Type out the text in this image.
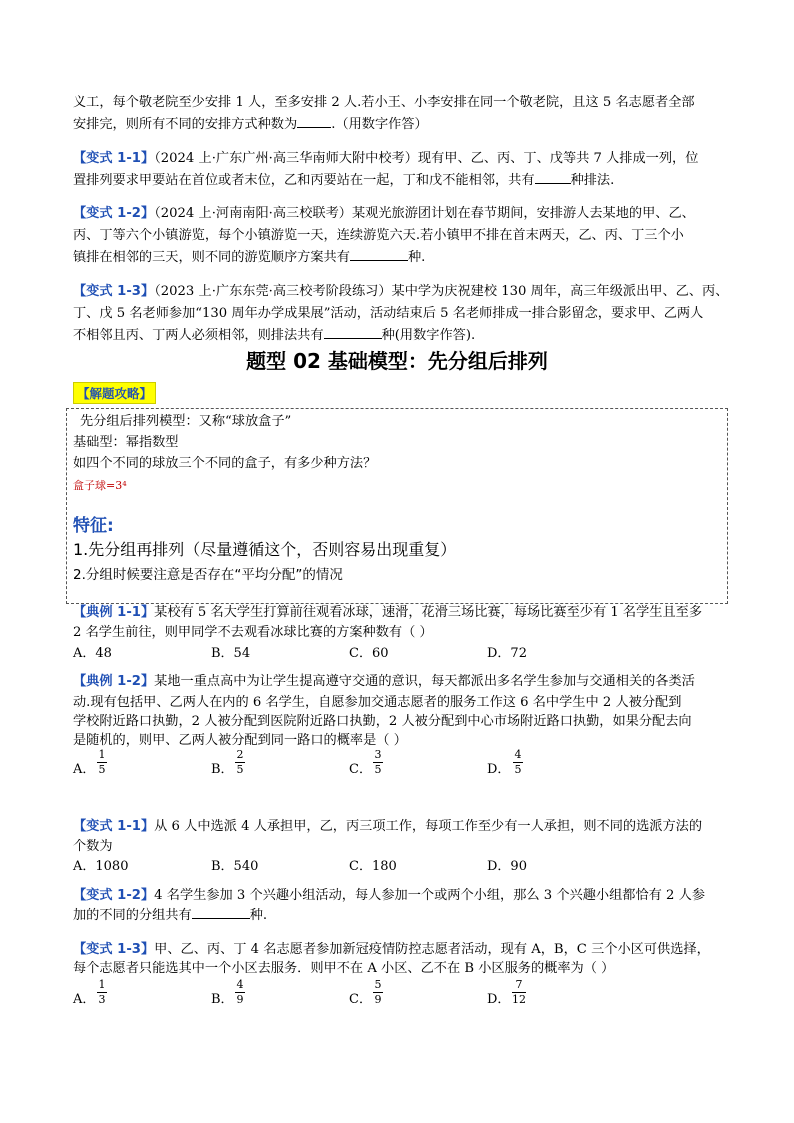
义工，每个敬老院至少安排 1 人，至多安排 2 人.若小王、小李安排在同一个敬老院，且这 5 名志愿者全部
安排完，则所有不同的安排方式种数为	.（用数字作答）
【变式 1-1】（2024 上·广东广州·高三华南师大附中校考）现有甲、乙、丙、丁、戊等共 7 人排成一列，位
置排列要求甲要站在首位或者末位，乙和丙要站在一起，丁和戊不能相邻，共有	种排法.
【变式 1-2】（2024 上·河南南阳·高三校联考）某观光旅游团计划在春节期间，安排游人去某地的甲、乙、
丙、丁等六个小镇游览，每个小镇游览一天，连续游览六天.若小镇甲不排在首末两天，乙、丙、丁三个小
镇排在相邻的三天，则不同的游览顺序方案共有	种.
【变式 1-3】（2023 上·广东东莞·高三校考阶段练习）某中学为庆祝建校 130 周年，高三年级派出甲、乙、丙、
丁、戊 5 名老师参加“130 周年办学成果展”活动，活动结束后 5 名老师排成一排合影留念，要求甲、乙两人
不相邻且丙、丁两人必须相邻，则排法共有	种(用数字作答).
题型 02 基础模型：先分组后排列
【解题攻略】
先分组后排列模型：又称“球放盒子”
基础型：幂指数型
如四个不同的球放三个不同的盒子，有多少种方法？
盒子球=3⁴
特征:
1.先分组再排列（尽量遵循这个，否则容易出现重复）
2.分组时候要注意是否存在“平均分配”的情况
【典例 1-1】某校有 5 名大学生打算前往观看冰球，速滑，花滑三场比赛，每场比赛至少有 1 名学生且至多
2 名学生前往，则甲同学不去观看冰球比赛的方案种数有（ ）
A．48	B．54	C．60	D．72
【典例 1-2】某地一重点高中为让学生提高遵守交通的意识，每天都派出多名学生参加与交通相关的各类活
动.现有包括甲、乙两人在内的 6 名学生，自愿参加交通志愿者的服务工作这 6 名中学生中 2 人被分配到
学校附近路口执勤，2 人被分配到医院附近路口执勤，2 人被分配到中心市场附近路口执勤，如果分配去向
是随机的，则甲、乙两人被分配到同一路口的概率是（ ）
A．
1
5	B．
2
5	C．
3
5	D．
4
5
【变式 1-1】从 6 人中选派 4 人承担甲，乙，丙三项工作，每项工作至少有一人承担，则不同的选派方法的
个数为
A．1080	B．540	C．180	D．90
【变式 1-2】4 名学生参加 3 个兴趣小组活动，每人参加一个或两个小组，那么 3 个兴趣小组都恰有 2 人参
加的不同的分组共有	种.
【变式 1-3】甲、乙、丙、丁 4 名志愿者参加新冠疫情防控志愿者活动，现有 A，B，C 三个小区可供选择，
每个志愿者只能选其中一个小区去服务．则甲不在 A 小区、乙不在 B 小区服务的概率为（ ）
A．
1
3	B．
4
9	C．
5
9	D．
7
12
